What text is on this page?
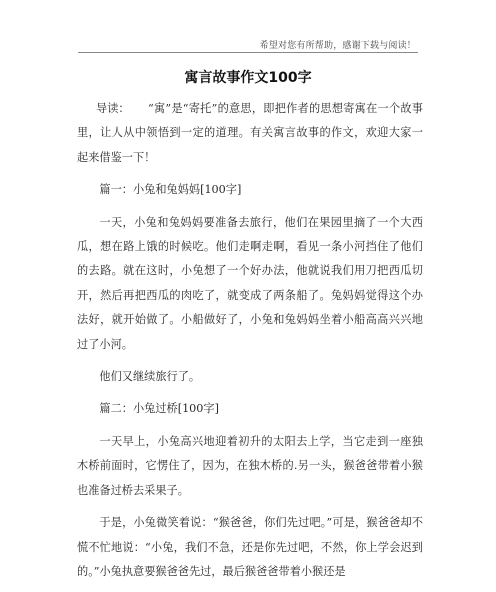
希望对您有所帮助，感谢下载与阅读！
寓言故事作文100字

导读： “寓”是“寄托”的意思，即把作者的思想寄寓在一个故事里，让人从中领悟到一定的道理。有关寓言故事的作文，欢迎大家一起来借鉴一下！

篇一：小兔和兔妈妈[100字]

一天，小兔和兔妈妈要准备去旅行，他们在果园里摘了一个大西瓜，想在路上饿的时候吃。他们走啊走啊，看见一条小河挡住了他们的去路。就在这时，小兔想了一个好办法，他就说我们用刀把西瓜切开，然后再把西瓜的肉吃了，就变成了两条船了。兔妈妈觉得这个办法好，就开始做了。小船做好了，小兔和兔妈妈坐着小船高高兴兴地过了小河。

他们又继续旅行了。

篇二：小兔过桥[100字]

一天早上，小兔高兴地迎着初升的太阳去上学，当它走到一座独木桥前面时，它愣住了，因为，在独木桥的.另一头，猴爸爸带着小猴也准备过桥去采果子。

于是，小兔微笑着说：“猴爸爸，你们先过吧。”可是，猴爸爸却不慌不忙地说：“小兔，我们不急，还是你先过吧，不然，你上学会迟到的。”小兔执意要猴爸爸先过，最后猴爸爸带着小猴还是
